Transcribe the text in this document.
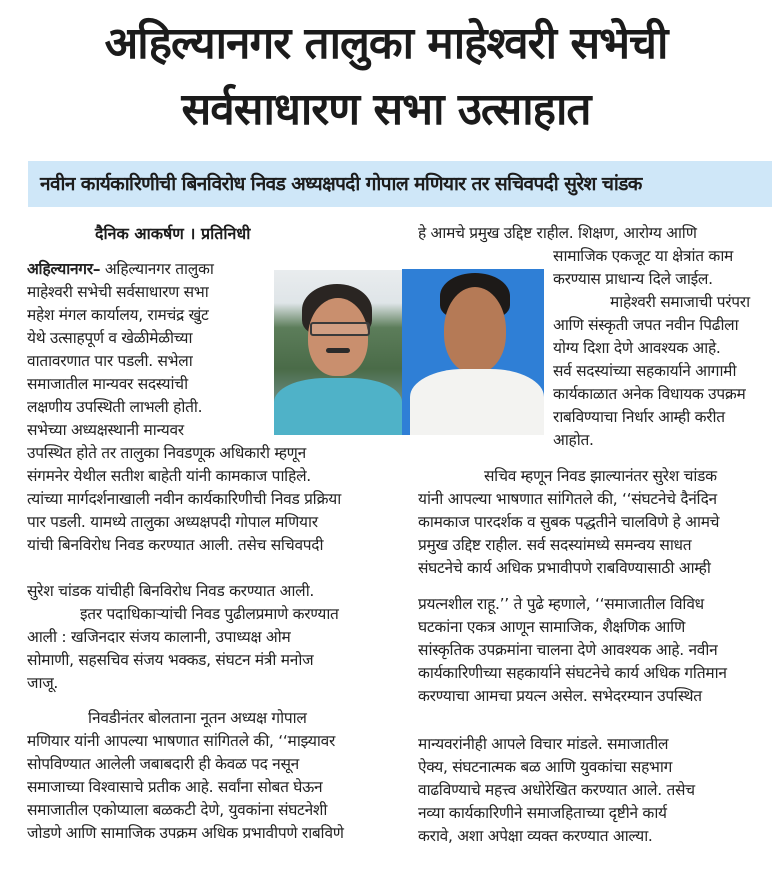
अहिल्यानगर तालुका माहेश्वरी सभेची
सर्वसाधारण सभा उत्साहात
नवीन कार्यकारिणीची बिनविरोध निवड अध्यक्षपदी गोपाल मणियार तर सचिवपदी सुरेश चांडक
दैनिक आकर्षण । प्रतिनिधी
अहिल्यानगर– अहिल्यानगर तालुका
माहेश्वरी सभेची सर्वसाधारण सभा
महेश मंगल कार्यालय, रामचंद्र खुंट
येथे उत्साहपूर्ण व खेळीमेळीच्या
वातावरणात पार पडली. सभेला
समाजातील मान्यवर सदस्यांची
लक्षणीय उपस्थिती लाभली होती.
सभेच्या अध्यक्षस्थानी मान्यवर
उपस्थित होते तर तालुका निवडणूक अधिकारी म्हणून
संगमनेर येथील सतीश बाहेती यांनी कामकाज पाहिले.
त्यांच्या मार्गदर्शनाखाली नवीन कार्यकारिणीची निवड प्रक्रिया
पार पडली. यामध्ये तालुका अध्यक्षपदी गोपाल मणियार
यांची बिनविरोध निवड करण्यात आली. तसेच सचिवपदी
सुरेश चांडक यांचीही बिनविरोध निवड करण्यात आली.
इतर पदाधिकाऱ्यांची निवड पुढीलप्रमाणे करण्यात
आली : खजिनदार संजय कालानी, उपाध्यक्ष ओम
सोमाणी, सहसचिव संजय भक्कड, संघटन मंत्री मनोज
जाजू.
निवडीनंतर बोलताना नूतन अध्यक्ष गोपाल
मणियार यांनी आपल्या भाषणात सांगितले की, ‘‘माझ्यावर
सोपविण्यात आलेली जबाबदारी ही केवळ पद नसून
समाजाच्या विश्वासाचे प्रतीक आहे. सर्वांना सोबत घेऊन
समाजातील एकोप्याला बळकटी देणे, युवकांना संघटनेशी
जोडणे आणि सामाजिक उपक्रम अधिक प्रभावीपणे राबविणे
हे आमचे प्रमुख उद्दिष्ट राहील. शिक्षण, आरोग्य आणि
सामाजिक एकजूट या क्षेत्रांत काम
करण्यास प्राधान्य दिले जाईल.
माहेश्वरी समाजाची परंपरा
आणि संस्कृती जपत नवीन पिढीला
योग्य दिशा देणे आवश्यक आहे.
सर्व सदस्यांच्या सहकार्याने आगामी
कार्यकाळात अनेक विधायक उपक्रम
राबविण्याचा निर्धार आम्ही करीत
आहोत.
सचिव म्हणून निवड झाल्यानंतर सुरेश चांडक
यांनी आपल्या भाषणात सांगितले की, ‘‘संघटनेचे दैनंदिन
कामकाज पारदर्शक व सुबक पद्धतीने चालविणे हे आमचे
प्रमुख उद्दिष्ट राहील. सर्व सदस्यांमध्ये समन्वय साधत
संघटनेचे कार्य अधिक प्रभावीपणे राबविण्यासाठी आम्ही
प्रयत्नशील राहू.’’ ते पुढे म्हणाले, ‘‘समाजातील विविध
घटकांना एकत्र आणून सामाजिक, शैक्षणिक आणि
सांस्कृतिक उपक्रमांना चालना देणे आवश्यक आहे. नवीन
कार्यकारिणीच्या सहकार्याने संघटनेचे कार्य अधिक गतिमान
करण्याचा आमचा प्रयत्न असेल. सभेदरम्यान उपस्थित
मान्यवरांनीही आपले विचार मांडले. समाजातील
ऐक्य, संघटनात्मक बळ आणि युवकांचा सहभाग
वाढविण्याचे महत्त्व अधोरेखित करण्यात आले. तसेच
नव्या कार्यकारिणीने समाजहिताच्या दृष्टीने कार्य
करावे, अशा अपेक्षा व्यक्त करण्यात आल्या.
